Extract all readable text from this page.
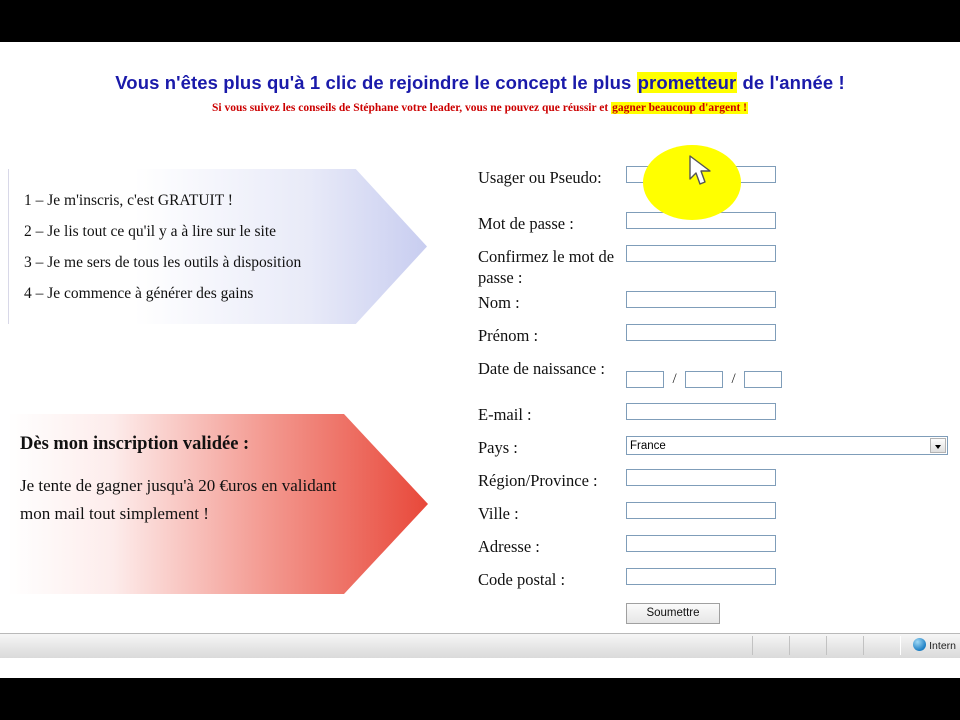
Vous n'êtes plus qu'à 1 clic de rejoindre le concept le plus prometteur de l'année !
Si vous suivez les conseils de Stéphane votre leader, vous ne pouvez que réussir et gagner beaucoup d'argent !
1 – Je m'inscris, c'est GRATUIT !
2 – Je lis tout ce qu'il y a à lire sur le site
3 – Je me sers de tous les outils à disposition
4 – Je commence à générer des gains
Dès mon inscription validée :
Je tente de gagner jusqu'à 20 €uros en validant mon mail tout simplement !
Usager ou Pseudo:
Mot de passe :
Confirmez le mot de passe :
Nom :
Prénom :
Date de naissance :
/	/
E-mail :
Pays :	France
Région/Province :
Ville :
Adresse :
Code postal :
Soumettre
Intern
